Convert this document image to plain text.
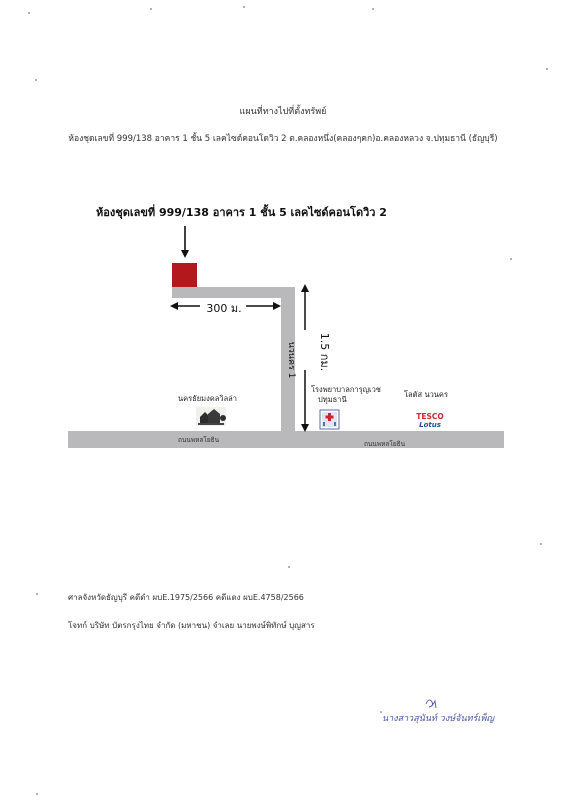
แผนที่ทางไปที่ตั้งทรัพย์
ห้องชุดเลขที่ 999/138 อาคาร 1 ชั้น 5 เลคไซด์คอนโดวิว 2 ต.คลองหนึ่ง(คลองๆคก)อ.คลองหลวง จ.ปทุมธานี (ธัญบุรี)
ห้องชุดเลขที่ 999/138 อาคาร 1 ชั้น 5 เลคไซด์คอนโดวิว 2
1.5 กม.
นวนคร 1
TESCO
Lotus
300 ม.
นครธัยมงคลวิลล่า
โรงพยาบาลการุญเวช
ปทุมธานี
โลตัส นวนคร
ถนนพหลโยธิน	ถนนพหลโยธิน
ศาลจังหวัดธัญบุรี คดีดำ ผบE.1975/2566 คดีแดง ผบE.4758/2566
โจทก์ บริษัท บัตรกรุงไทย จำกัด (มหาชน) จำเลย นายพงษ์พิทักษ์ บุญสาร
นางสาวสุนันท์ วงษ์จันทร์เพ็ญ
